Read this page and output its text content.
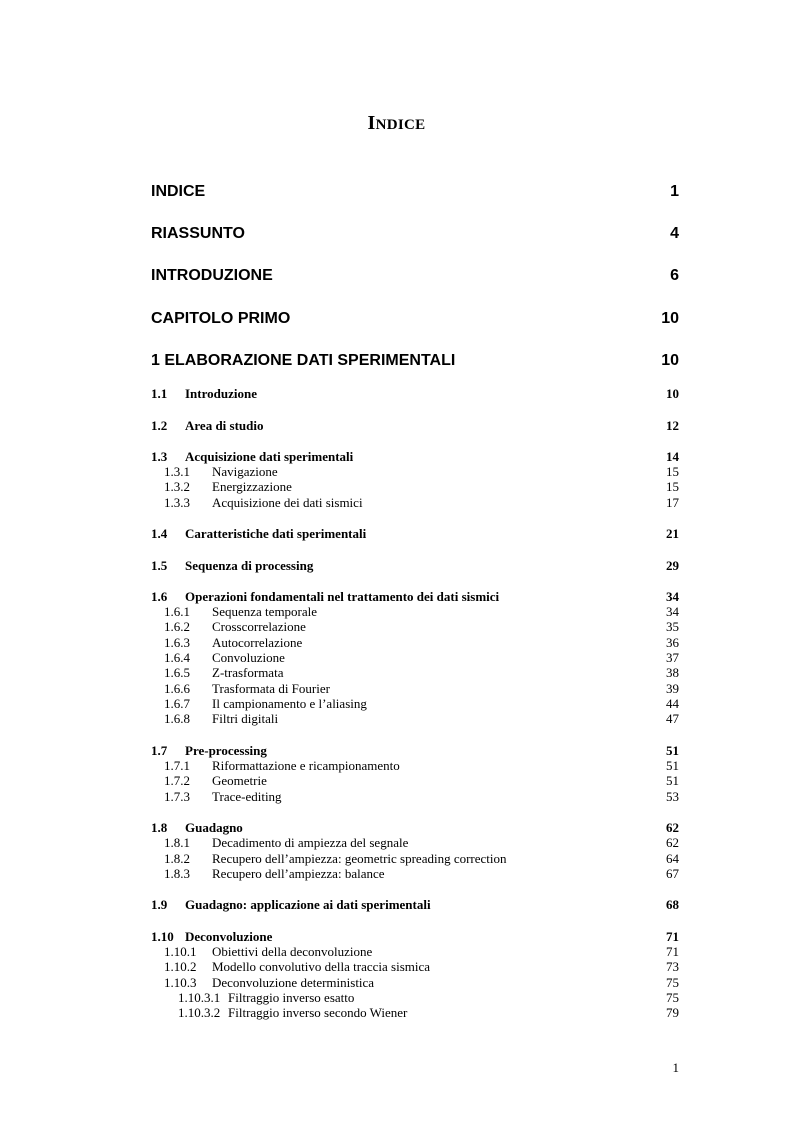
INDICE
INDICE	1
RIASSUNTO	4
INTRODUZIONE	6
CAPITOLO PRIMO	10
1 ELABORAZIONE DATI SPERIMENTALI	10
1.1 Introduzione	10
1.2 Area di studio	12
1.3 Acquisizione dati sperimentali	14
1.3.1 Navigazione	15
1.3.2 Energizzazione	15
1.3.3 Acquisizione dei dati sismici	17
1.4 Caratteristiche dati sperimentali	21
1.5 Sequenza di processing	29
1.6 Operazioni fondamentali nel trattamento dei dati sismici	34
1.6.1 Sequenza temporale	34
1.6.2 Crosscorrelazione	35
1.6.3 Autocorrelazione	36
1.6.4 Convoluzione	37
1.6.5 Z-trasformata	38
1.6.6 Trasformata di Fourier	39
1.6.7 Il campionamento e l’aliasing	44
1.6.8 Filtri digitali	47
1.7 Pre-processing	51
1.7.1 Riformattazione e ricampionamento	51
1.7.2 Geometrie	51
1.7.3 Trace-editing	53
1.8 Guadagno	62
1.8.1 Decadimento di ampiezza del segnale	62
1.8.2 Recupero dell’ampiezza: geometric spreading correction	64
1.8.3 Recupero dell’ampiezza: balance	67
1.9 Guadagno: applicazione ai dati sperimentali	68
1.10 Deconvoluzione	71
1.10.1 Obiettivi della deconvoluzione	71
1.10.2 Modello convolutivo della traccia sismica	73
1.10.3 Deconvoluzione deterministica	75
1.10.3.1 Filtraggio inverso esatto	75
1.10.3.2 Filtraggio inverso secondo Wiener	79
1
